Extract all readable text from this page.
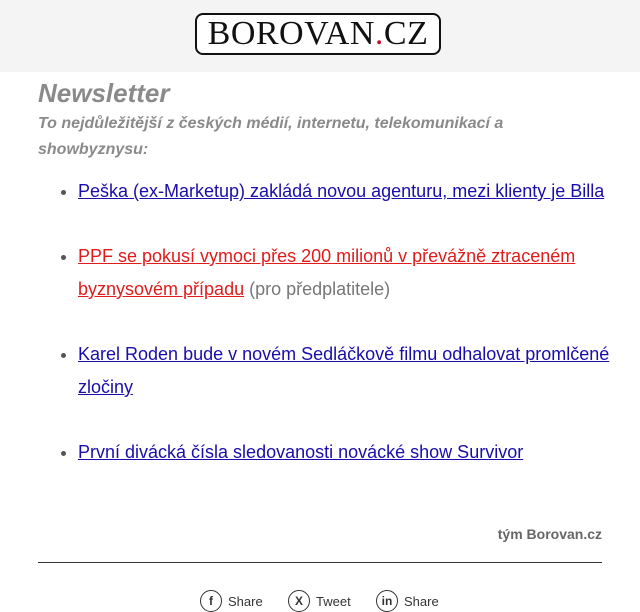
BOROVAN . CZ
Newsletter
To nejdůležitější z českých médií, internetu, telekomunikací a showbyznysu:
• Peška (ex-Marketup) zakládá novou agenturu, mezi klienty je Billa
• PPF se pokusí vymoci přes 200 milionů v převážně ztraceném byznysovém případu (pro předplatitele)
• Karel Roden bude v novém Sedláčkově filmu odhalovat promlčené zločiny
• První divácká čísla sledovanosti novácké show Survivor
tým Borovan.cz
f	Share	X	Tweet	in Share
